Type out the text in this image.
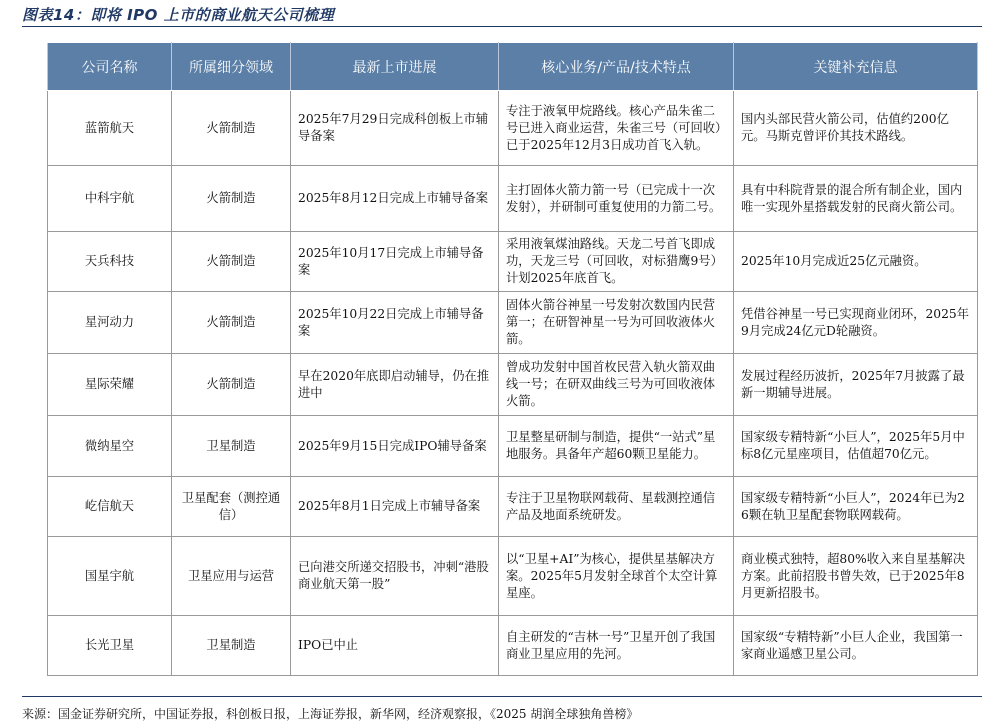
图表14：即将 IPO 上市的商业航天公司梳理
公司名称	所属细分领域	最新上市进展	核心业务/产品/技术特点	关键补充信息
蓝箭航天	火箭制造	2025年7月29日完成科创板上市辅导备案	专注于液氧甲烷路线。核心产品朱雀二号已进入商业运营，朱雀三号（可回收）已于2025年12月3日成功首飞入轨。	国内头部民营火箭公司，估值约200亿元。马斯克曾评价其技术路线。
中科宇航	火箭制造	2025年8月12日完成上市辅导备案	主打固体火箭力箭一号（已完成十一次发射），并研制可重复使用的力箭二号。	具有中科院背景的混合所有制企业，国内唯一实现外星搭载发射的民商火箭公司。
天兵科技	火箭制造	2025年10月17日完成上市辅导备案	采用液氧煤油路线。天龙二号首飞即成功，天龙三号（可回收，对标猎鹰9号）计划2025年底首飞。	2025年10月完成近25亿元融资。
星河动力	火箭制造	2025年10月22日完成上市辅导备案	固体火箭谷神星一号发射次数国内民营第一；在研智神星一号为可回收液体火箭。	凭借谷神星一号已实现商业闭环，2025年9月完成24亿元D轮融资。
星际荣耀	火箭制造	早在2020年底即启动辅导，仍在推进中	曾成功发射中国首枚民营入轨火箭双曲线一号；在研双曲线三号为可回收液体火箭。	发展过程经历波折，2025年7月披露了最新一期辅导进展。
微纳星空	卫星制造	2025年9月15日完成IPO辅导备案	卫星整星研制与制造，提供“一站式”星地服务。具备年产超60颗卫星能力。	国家级专精特新“小巨人”，2025年5月中标8亿元星座项目，估值超70亿元。
屹信航天	卫星配套（测控通信）	2025年8月1日完成上市辅导备案	专注于卫星物联网载荷、星载测控通信产品及地面系统研发。	国家级专精特新“小巨人”，2024年已为26颗在轨卫星配套物联网载荷。
国星宇航	卫星应用与运营	已向港交所递交招股书，冲刺“港股商业航天第一股”	以“卫星+AI”为核心，提供星基解决方案。2025年5月发射全球首个太空计算星座。	商业模式独特，超80%收入来自星基解决方案。此前招股书曾失效，已于2025年8月更新招股书。
长光卫星	卫星制造	IPO已中止	自主研发的“吉林一号”卫星开创了我国商业卫星应用的先河。	国家级“专精特新”小巨人企业，我国第一家商业遥感卫星公司。
来源：国金证券研究所，中国证券报，科创板日报，上海证券报，新华网，经济观察报，《2025 胡润全球独角兽榜》
